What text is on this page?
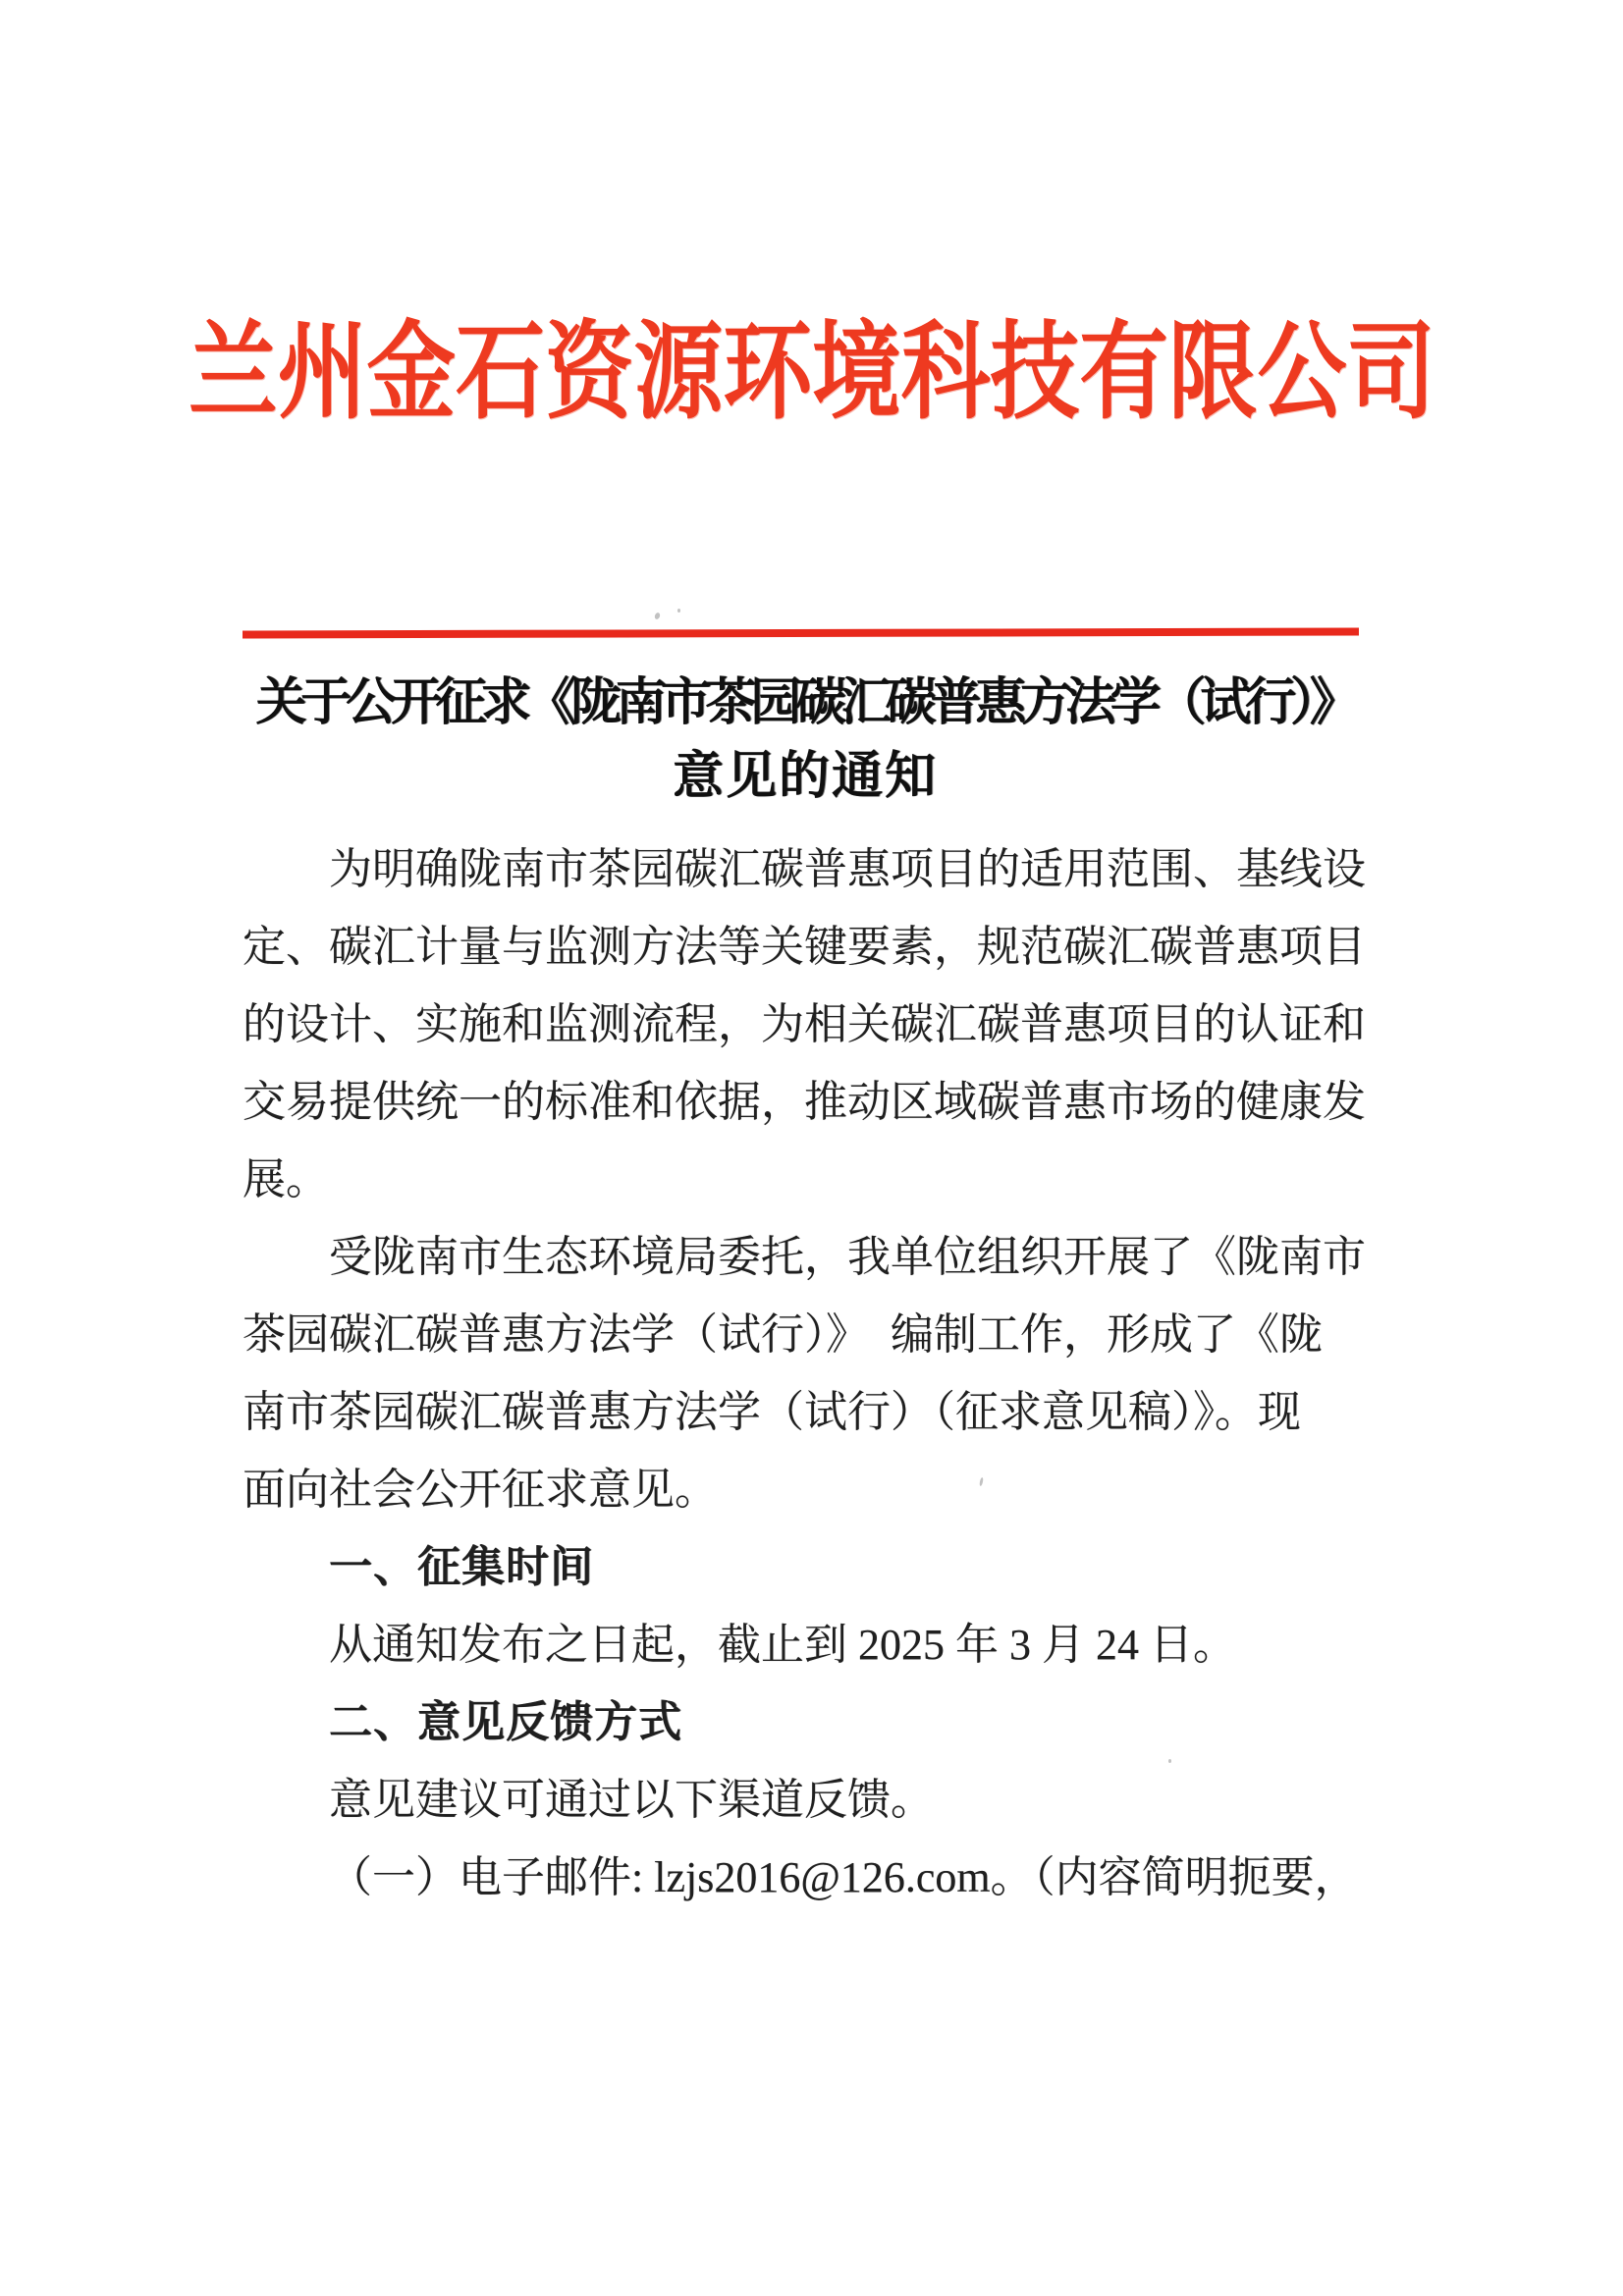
兰州金石资源环境科技有限公司
关于公开征求《陇南市茶园碳汇碳普惠方法学（试行）》
意见的通知
为明确陇南市茶园碳汇碳普惠项目的适用范围、基线设
定、碳汇计量与监测方法等关键要素，规范碳汇碳普惠项目
的设计、实施和监测流程，为相关碳汇碳普惠项目的认证和
交易提供统一的标准和依据，推动区域碳普惠市场的健康发
展。
受陇南市生态环境局委托，我单位组织开展了《陇南市
茶园碳汇碳普惠方法学（试行）》　编制工作，形成了《陇
南市茶园碳汇碳普惠方法学（试行）（征求意见稿）》。现
面向社会公开征求意见。
一、征集时间
从通知发布之日起，截止到 2025 年 3 月 24 日。
二、意见反馈方式
意见建议可通过以下渠道反馈。
（一）电子邮件: lzjs2016@126.com。（内容简明扼要，
